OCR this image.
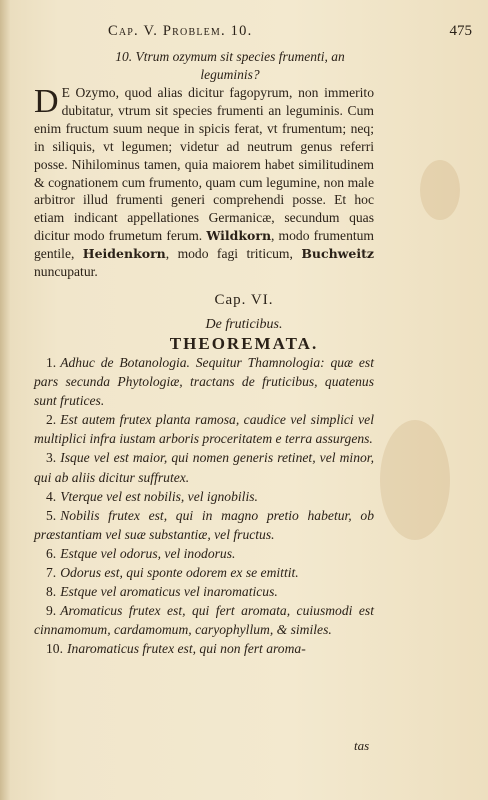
Cap. V. Problem. 10.	475
10. Vtrum ozymum sit species frumenti, an
leguminis?
D E Ozymo, quod alias dicitur fagopyrum, non immerito dubitatur, vtrum sit species frumenti an leguminis. Cum enim fructum suum neque in spicis ferat, vt frumentum; neq; in siliquis, vt legumen; videtur ad neutrum genus referri posse. Nihilominus tamen, quia maiorem habet similitudinem & cognationem cum frumento, quam cum legumine, non male arbitror illud frumenti generi comprehendi posse. Et hoc etiam indicant appellationes Germanicæ, secundum quas dicitur modo frumetum ferum. Wildkorn, modo frumentum gentile, Heidenkorn, modo fagi triticum, Buchweitz nuncupatur.
Cap. VI.
De fruticibus.
THEOREMATA.
1. Adhuc de Botanologia. Sequitur Thamnologia: quæ est pars secunda Phytologiæ, tractans de fruticibus, quatenus sunt frutices.
2. Est autem frutex planta ramosa, caudice vel simplici vel multiplici infra iustam arboris proceritatem e terra assurgens.
3. Isque vel est maior, qui nomen generis retinet, vel minor, qui ab aliis dicitur suffrutex.
4. Vterque vel est nobilis, vel ignobilis.
5. Nobilis frutex est, qui in magno pretio habetur, ob præstantiam vel suæ substantiæ, vel fructus.
6. Estque vel odorus, vel inodorus.
7. Odorus est, qui sponte odorem ex se emittit.
8. Estque vel aromaticus vel inaromaticus.
9. Aromaticus frutex est, qui fert aromata, cuiusmodi est cinnamomum, cardamomum, caryophyllum, & similes.
10. Inaromaticus frutex est, qui non fert aroma-
tas
